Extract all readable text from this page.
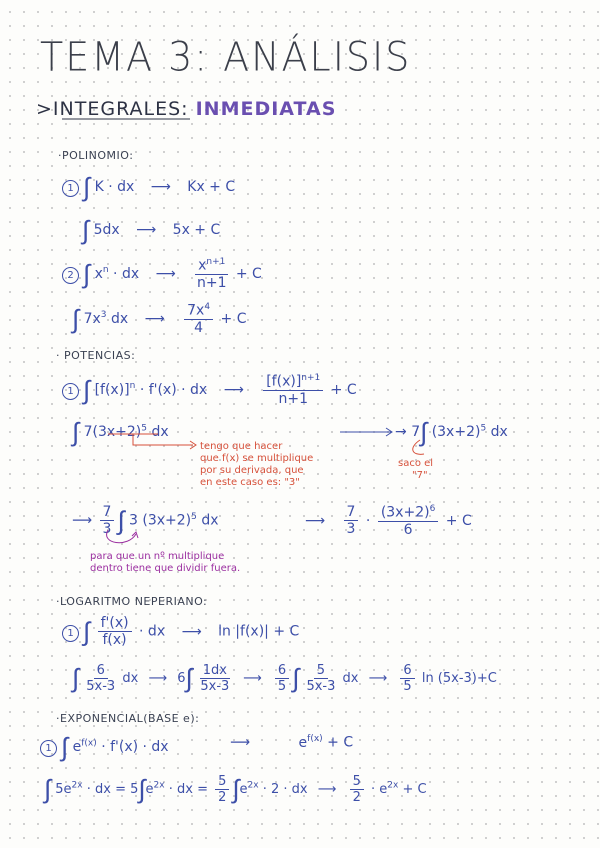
TEMA 3: ANÁLISIS
>INTEGRALES: INMEDIATAS
·POLINOMIO:
1 ∫ K · dx ⟶ Kx + C
∫ 5dx ⟶ 5x + C
2 ∫ $x^n$ · dx ⟶ $\frac{x^{n+1}}{n+1} + C$
∫ $7x^3$ dx ⟶ $\frac{7x^4}{4} + C$
· POTENCIAS:
1 ∫ $[f(x)]^n \cdot f'(x)$ · dx ⟶ $\frac{[f(x)]^{n+1}}{n+1} + C$
∫ $7(3x+2)^5$ dx	→ 7∫ $(3x+2)^5$ dx
tengo que hacer
que f(x) se multiplique
por su derivada, que
en este caso es: "3"
saco el
"7"
⟶ $\frac{7}{3}$ ∫ 3 $(3x+2)^5$ dx	⟶ $\frac{7}{3} \cdot \frac{(3x+2)^6}{6} + C$
para que un nº multiplique
dentro tiene que dividir fuera.
·LOGARITMO NEPERIANO:
1 ∫ $\frac{f'(x)}{f(x)}$ · dx ⟶ ln |f(x)| + C
∫ $\frac{6}{5x-3}$ dx ⟶ $6\int \frac{1dx}{5x-3}$ ⟶ $\frac{6}{5}$ ∫ $\frac{5}{5x-3}$ dx ⟶ $\frac{6}{5}$ ln (5x-3)+C
·EXPONENCIAL(BASE e):
1 ∫ $e^{f(x)} \cdot f'(x)$ · dx	⟶	$e^{f(x)} + C$
∫ $5e^{2x}$ · dx = $5\int e^{2x}$ · dx = $\frac{5}{2} \int e^{2x} \cdot 2$ · dx ⟶ $\frac{5}{2} \cdot e^{2x} + C$
